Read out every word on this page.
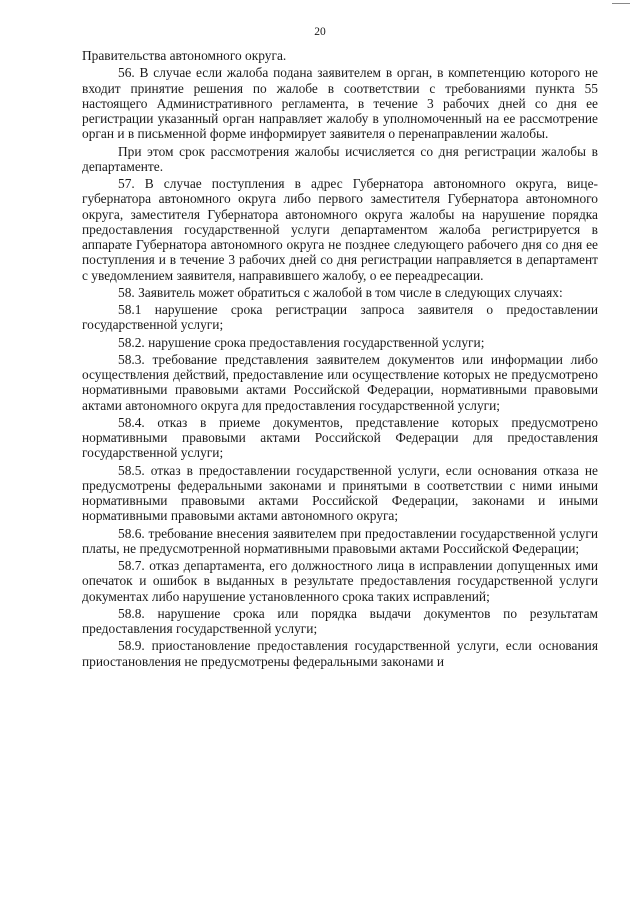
20

Правительства автономного округа.

56. В случае если жалоба подана заявителем в орган, в компетенцию которого не входит принятие решения по жалобе в соответствии с требованиями пункта 55 настоящего Административного регламента, в течение 3 рабочих дней со дня ее регистрации указанный орган направляет жалобу в уполномоченный на ее рассмотрение орган и в письменной форме информирует заявителя о перенаправлении жалобы.

При этом срок рассмотрения жалобы исчисляется со дня регистрации жалобы в департаменте.

57. В случае поступления в адрес Губернатора автономного округа, вице-губернатора автономного округа либо первого заместителя Губернатора автономного округа, заместителя Губернатора автономного округа жалобы на нарушение порядка предоставления государственной услуги департаментом жалоба регистрируется в аппарате Губернатора автономного округа не позднее следующего рабочего дня со дня ее поступления и в течение 3 рабочих дней со дня регистрации направляется в департамент с уведомлением заявителя, направившего жалобу, о ее переадресации.

58. Заявитель может обратиться с жалобой в том числе в следующих случаях:

58.1 нарушение срока регистрации запроса заявителя о предоставлении государственной услуги;

58.2. нарушение срока предоставления государственной услуги;

58.3. требование представления заявителем документов или информации либо осуществления действий, предоставление или осуществление которых не предусмотрено нормативными правовыми актами Российской Федерации, нормативными правовыми актами автономного округа для предоставления государственной услуги;

58.4. отказ в приеме документов, представление которых предусмотрено нормативными правовыми актами Российской Федерации для предоставления государственной услуги;

58.5. отказ в предоставлении государственной услуги, если основания отказа не предусмотрены федеральными законами и принятыми в соответствии с ними иными нормативными правовыми актами Российской Федерации, законами и иными нормативными правовыми актами автономного округа;

58.6. требование внесения заявителем при предоставлении государственной услуги платы, не предусмотренной нормативными правовыми актами Российской Федерации;

58.7. отказ департамента, его должностного лица в исправлении допущенных ими опечаток и ошибок в выданных в результате предоставления государственной услуги документах либо нарушение установленного срока таких исправлений;

58.8. нарушение срока или порядка выдачи документов по результатам предоставления государственной услуги;

58.9. приостановление предоставления государственной услуги, если основания приостановления не предусмотрены федеральными законами и
